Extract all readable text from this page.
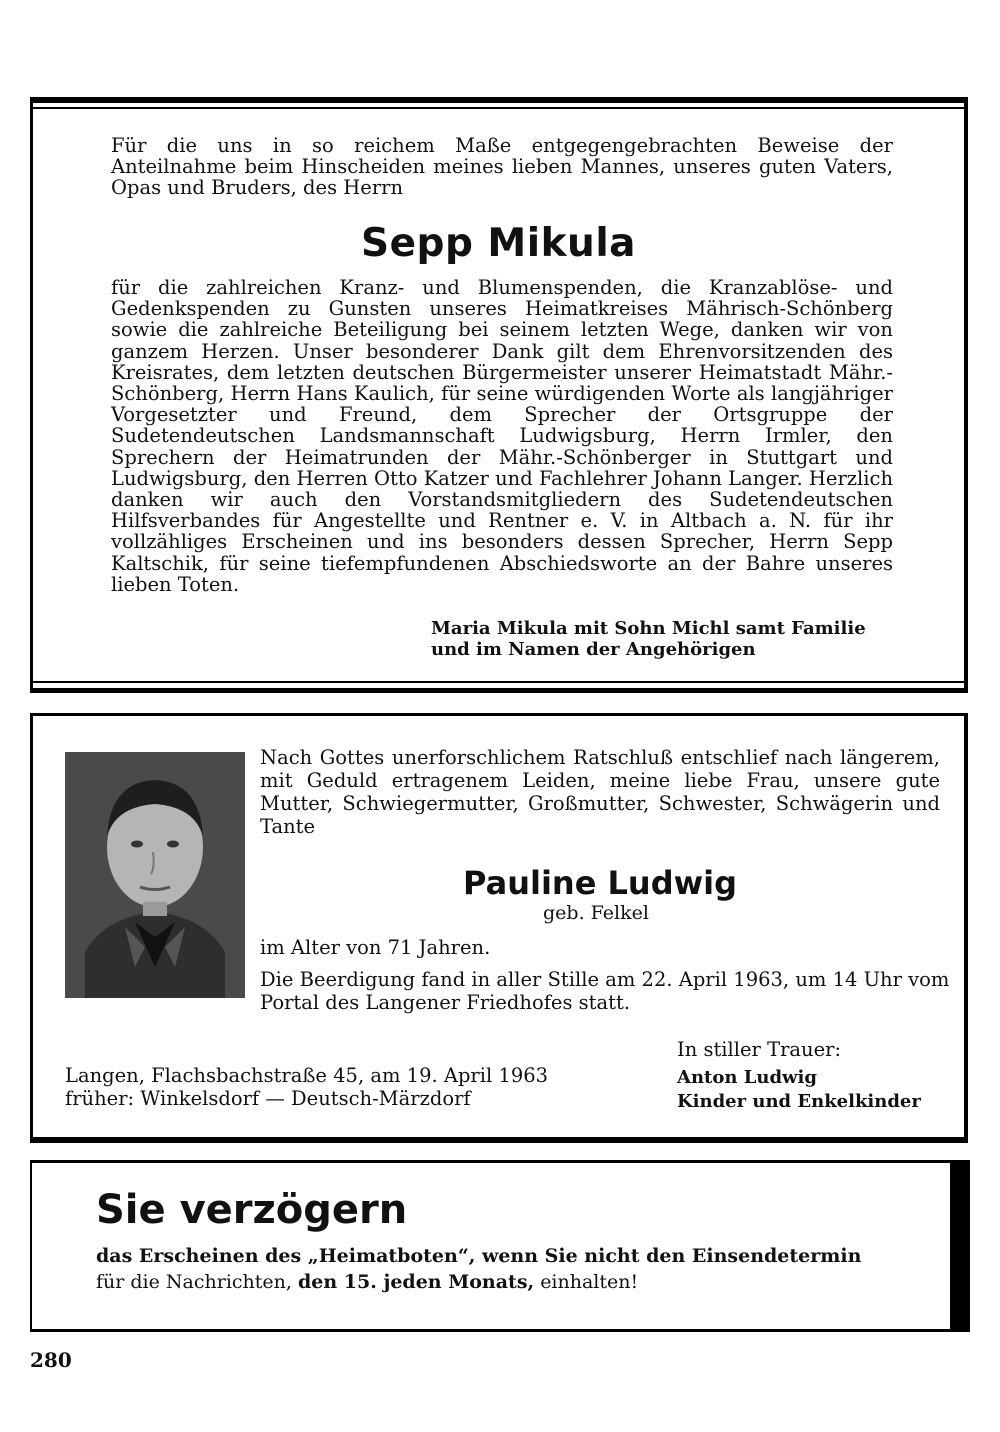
Für die uns in so reichem Maße entgegengebrachten Beweise der Anteilnahme beim Hinscheiden meines lieben Mannes, unseres guten Vaters, Opas und Bruders, des Herrn
Sepp Mikula
für die zahlreichen Kranz- und Blumenspenden, die Kranzablöse- und Gedenkspenden zu Gunsten unseres Heimatkreises Mährisch-Schönberg sowie die zahlreiche Beteiligung bei seinem letzten Wege, danken wir von ganzem Herzen. Unser besonderer Dank gilt dem Ehrenvorsitzenden des Kreisrates, dem letzten deutschen Bürgermeister unserer Heimatstadt Mähr.-Schönberg, Herrn Hans Kaulich, für seine würdigenden Worte als langjähriger Vorgesetzter und Freund, dem Sprecher der Ortsgruppe der Sudetendeutschen Landsmannschaft Ludwigsburg, Herrn Irmler, den Sprechern der Heimatrunden der Mähr.-Schönberger in Stuttgart und Ludwigsburg, den Herren Otto Katzer und Fachlehrer Johann Langer. Herzlich danken wir auch den Vorstandsmitgliedern des Sudetendeutschen Hilfsverbandes für Angestellte und Rentner e. V. in Altbach a. N. für ihr vollzähliges Erscheinen und ins besonders dessen Sprecher, Herrn Sepp Kaltschik, für seine tiefempfundenen Abschiedsworte an der Bahre unseres lieben Toten.
Maria Mikula mit Sohn Michl samt Familie
und im Namen der Angehörigen
Nach Gottes unerforschlichem Ratschluß entschlief nach längerem, mit Geduld ertragenem Leiden, meine liebe Frau, unsere gute Mutter, Schwiegermutter, Großmutter, Schwester, Schwägerin und Tante
Pauline Ludwig
geb. Felkel
im Alter von 71 Jahren.
Die Beerdigung fand in aller Stille am 22. April 1963, um 14 Uhr vom Portal des Langener Friedhofes statt.
Langen, Flachsbachstraße 45, am 19. April 1963
früher: Winkelsdorf — Deutsch-Märzdorf
In stiller Trauer:
Anton Ludwig
Kinder und Enkelkinder
Sie verzögern
das Erscheinen des „Heimatboten“, wenn Sie nicht den Einsendetermin
für die Nachrichten, den 15. jeden Monats, einhalten!
280
